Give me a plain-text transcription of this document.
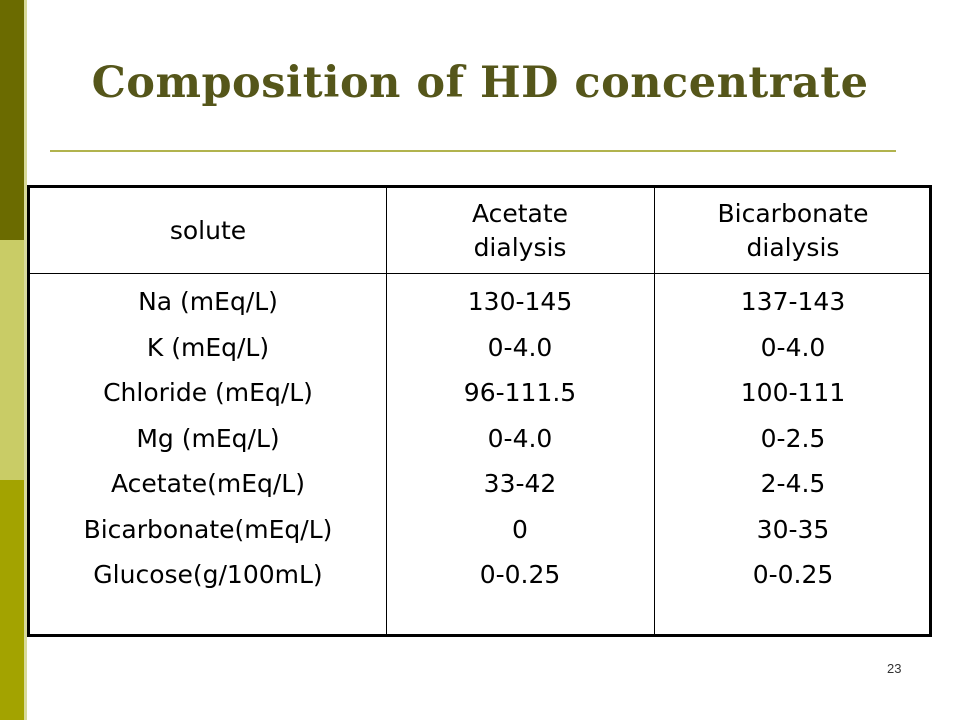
Composition of HD concentrate
solute
Na (mEq/L)
K (mEq/L)
Chloride (mEq/L)
Mg (mEq/L)
Acetate(mEq/L)
Bicarbonate(mEq/L)
Glucose(g/100mL)
Acetate
dialysis
130-145
0-4.0
96-111.5
0-4.0
33-42
0
0-0.25
Bicarbonate
dialysis
137-143
0-4.0
100-111
0-2.5
2-4.5
30-35
0-0.25
23
